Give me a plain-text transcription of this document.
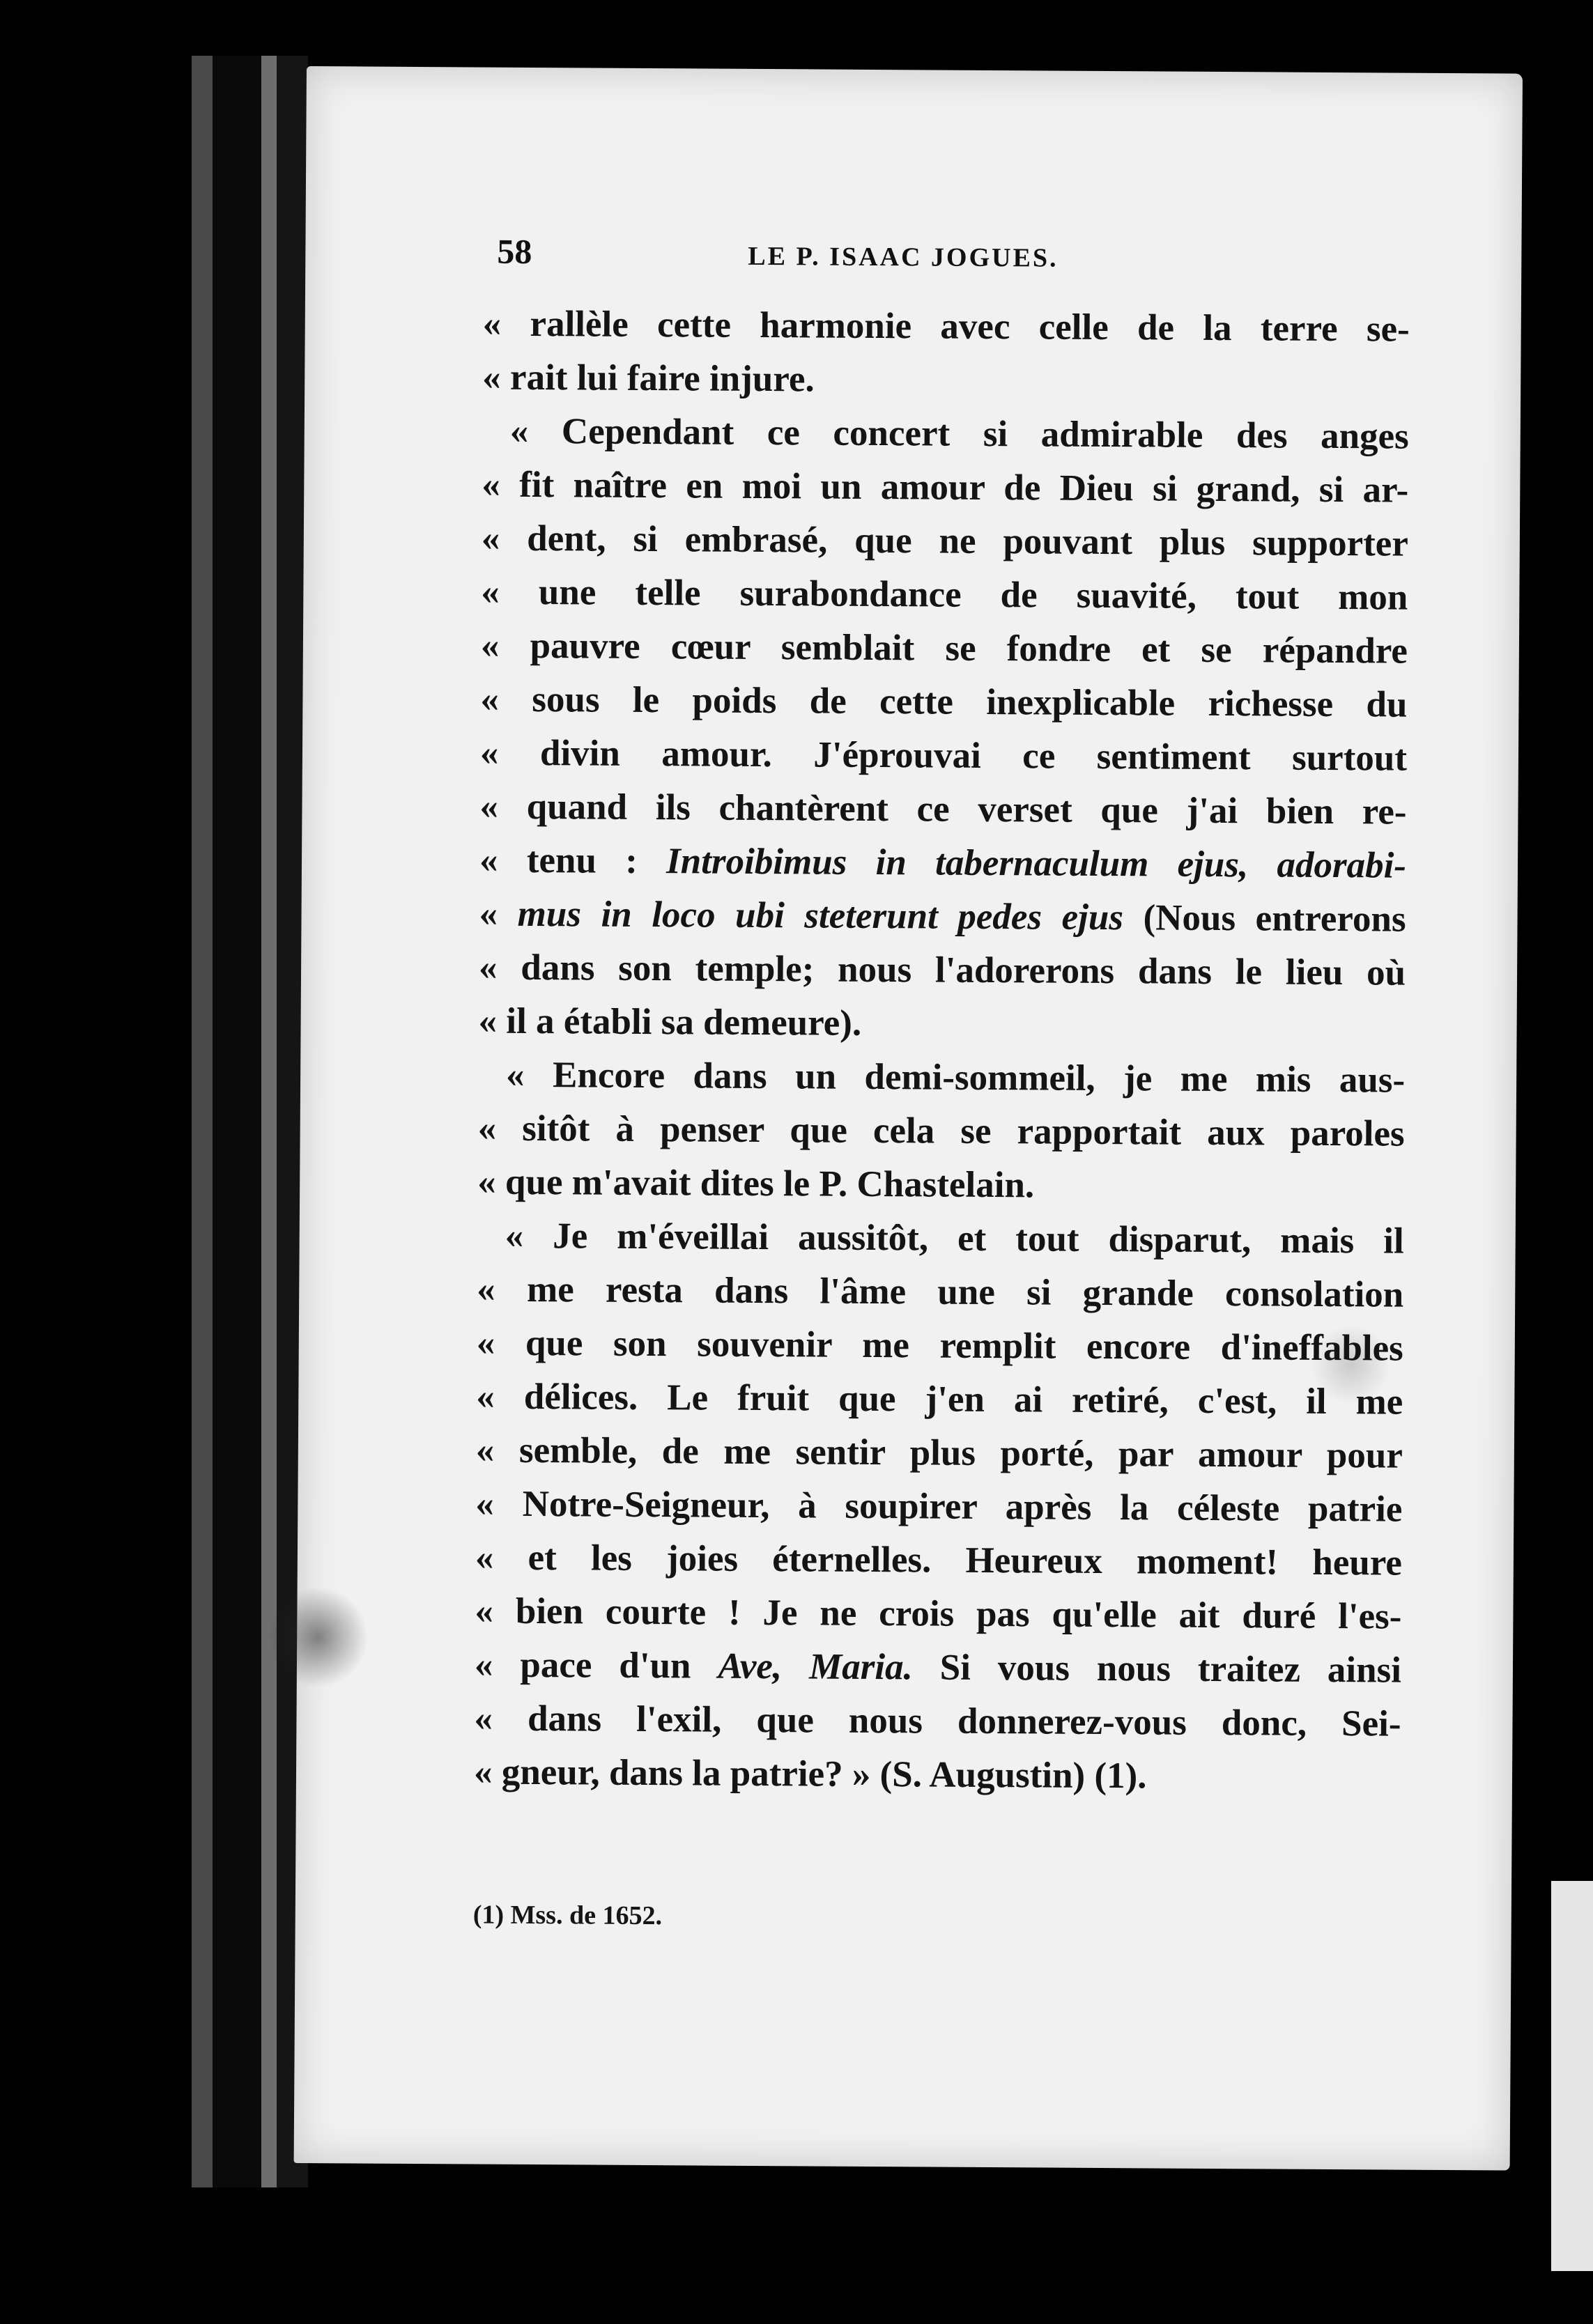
58	LE P. ISAAC JOGUES.
« rallèle cette harmonie avec celle de la terre se-
« rait lui faire injure.
« Cependant ce concert si admirable des anges
« fit naître en moi un amour de Dieu si grand, si ar-
« dent, si embrasé, que ne pouvant plus supporter
« une telle surabondance de suavité, tout mon
« pauvre cœur semblait se fondre et se répandre
« sous le poids de cette inexplicable richesse du
« divin amour. J'éprouvai ce sentiment surtout
« quand ils chantèrent ce verset que j'ai bien re-
« tenu : Introibimus in tabernaculum ejus, adorabi-
« mus in loco ubi steterunt pedes ejus (Nous entrerons
« dans son temple; nous l'adorerons dans le lieu où
« il a établi sa demeure).
« Encore dans un demi-sommeil, je me mis aus-
« sitôt à penser que cela se rapportait aux paroles
« que m'avait dites le P. Chastelain.
« Je m'éveillai aussitôt, et tout disparut, mais il
« me resta dans l'âme une si grande consolation
« que son souvenir me remplit encore d'ineffables
« délices. Le fruit que j'en ai retiré, c'est, il me
« semble, de me sentir plus porté, par amour pour
« Notre-Seigneur, à soupirer après la céleste patrie
« et les joies éternelles. Heureux moment! heure
« bien courte ! Je ne crois pas qu'elle ait duré l'es-
« pace d'un Ave, Maria. Si vous nous traitez ainsi
« dans l'exil, que nous donnerez-vous donc, Sei-
« gneur, dans la patrie? » (S. Augustin) (1).
(1) Mss. de 1652.
